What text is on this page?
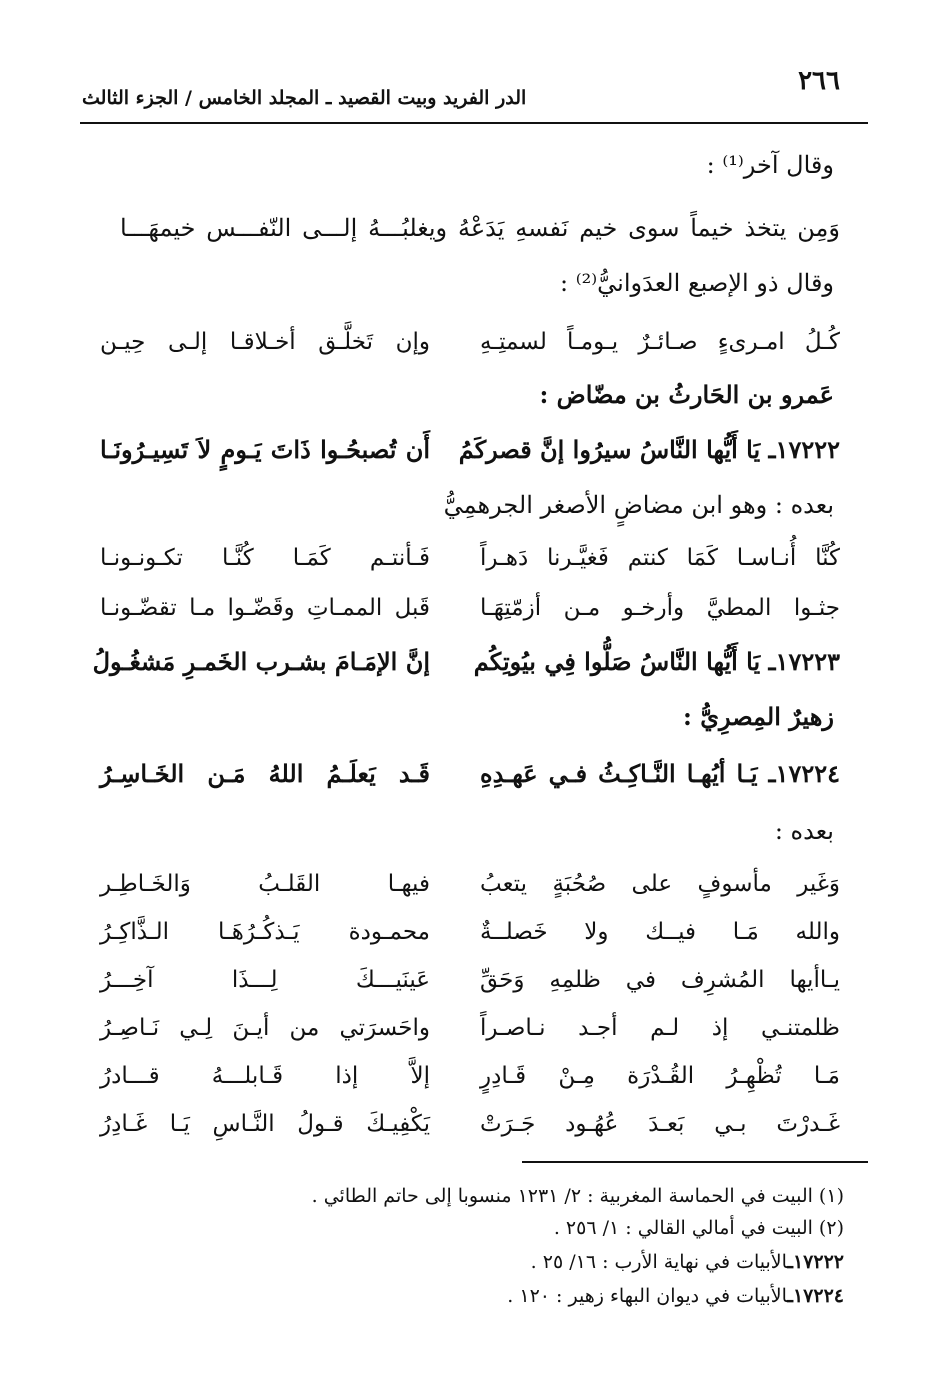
٢٦٦
الدر الفريد وبيت القصيد ـ المجلد الخامس / الجزء الثالث
وقال آخر⁽¹⁾ :
وَمِن يتخذ خيماً سوى خيم نَفسهِ يَدَعْهُ ويغلبُـــهُ إلـــى النّفـــس خيمهَـــا
وقال ذو الإصبع العدَوانيُّ⁽²⁾ :
كُـلُ امـرىءٍ صـائـرٌ يـومـاً لسمتِـهِ
وإن تَخلَّـق أخـلاقـا إلـى حِيـن
عَمرو بن الحَارثُ بن مضّاض :
١٧٢٢٢ـ يَا أَيُّها النَّاسُ سيرُوا إنَّ قصركَمُ
أَن تُصبحُـوا ذَاتَ يَـومٍ لاَ تَسِيـرُونَـا
بعده : وهو ابن مضاضٍ الأصغر الجرهمِيُّ
كُنَّا أُنـاسـا كَمَا كنتم فَغيَّـرنا دَهـراً
فَـأنتـم كَمَـا كُنَّـا تكـونـونـا
جثـوا المطيَّ وأرخـو مـن أزمّتِهَـا
قَبل الممـاتِ وقَضّـوا مـا تقضّـونـا
١٧٢٢٣ـ يَا أَيُّها النَّاسُ صَلُّوا فِي بيُوتِكُم
إنَّ الإمَـامَ بشـرب الخَمـرِ مَشغُـولُ
زهيرٌ المِصرِيُّ :
١٧٢٢٤ـ يَـا أيُهـا النَّـاكِـثُ فـي عَهـدِهِ
قَـد يَعلَـمُ اللهُ مَـن الخَـاسِـرُ
بعده :
وَغَير مأسوفٍ على صُحُبَةٍ يتعبُ
فيهـا القَلـبُ وَالخَـاطِـر
والله مَـا فيــك ولا خَصلــةٌ
محمـودة يَـذكُـرُهَـا الـذَّاكِـرُ
يـاأيها المُشرِف في ظلمِهِ وَحَقِّ
عَينَيـــكَ لِـــذَا آخِـــرُ
ظلمتنـي إذ لـم أجـد نـاصـراً
واحَسرَتي من أيـنَ لِـي نَـاصِـرُ
مَـا تُظْهِـرُ القُـدْرَة مِـنْ قَـادِرٍ
إلاَّ إذا قَـابلـــهُ قـــادرُ
غَـدرْتَ بـي بَعـدَ عُهُـود جَـرَتْ
يَكْفِيـكَ قـولُ النَّـاسِ يَـا غَـادِرُ
(١) البيت في الحماسة المغربية : ٢/ ١٢٣١ منسوبا إلى حاتم الطائي .
(٢) البيت في أمالي القالي : ١/ ٢٥٦ .
١٧٢٢٢ـالأبيات في نهاية الأرب : ١٦/ ٢٥ .
١٧٢٢٤ـالأبيات في ديوان البهاء زهير : ١٢٠ .
